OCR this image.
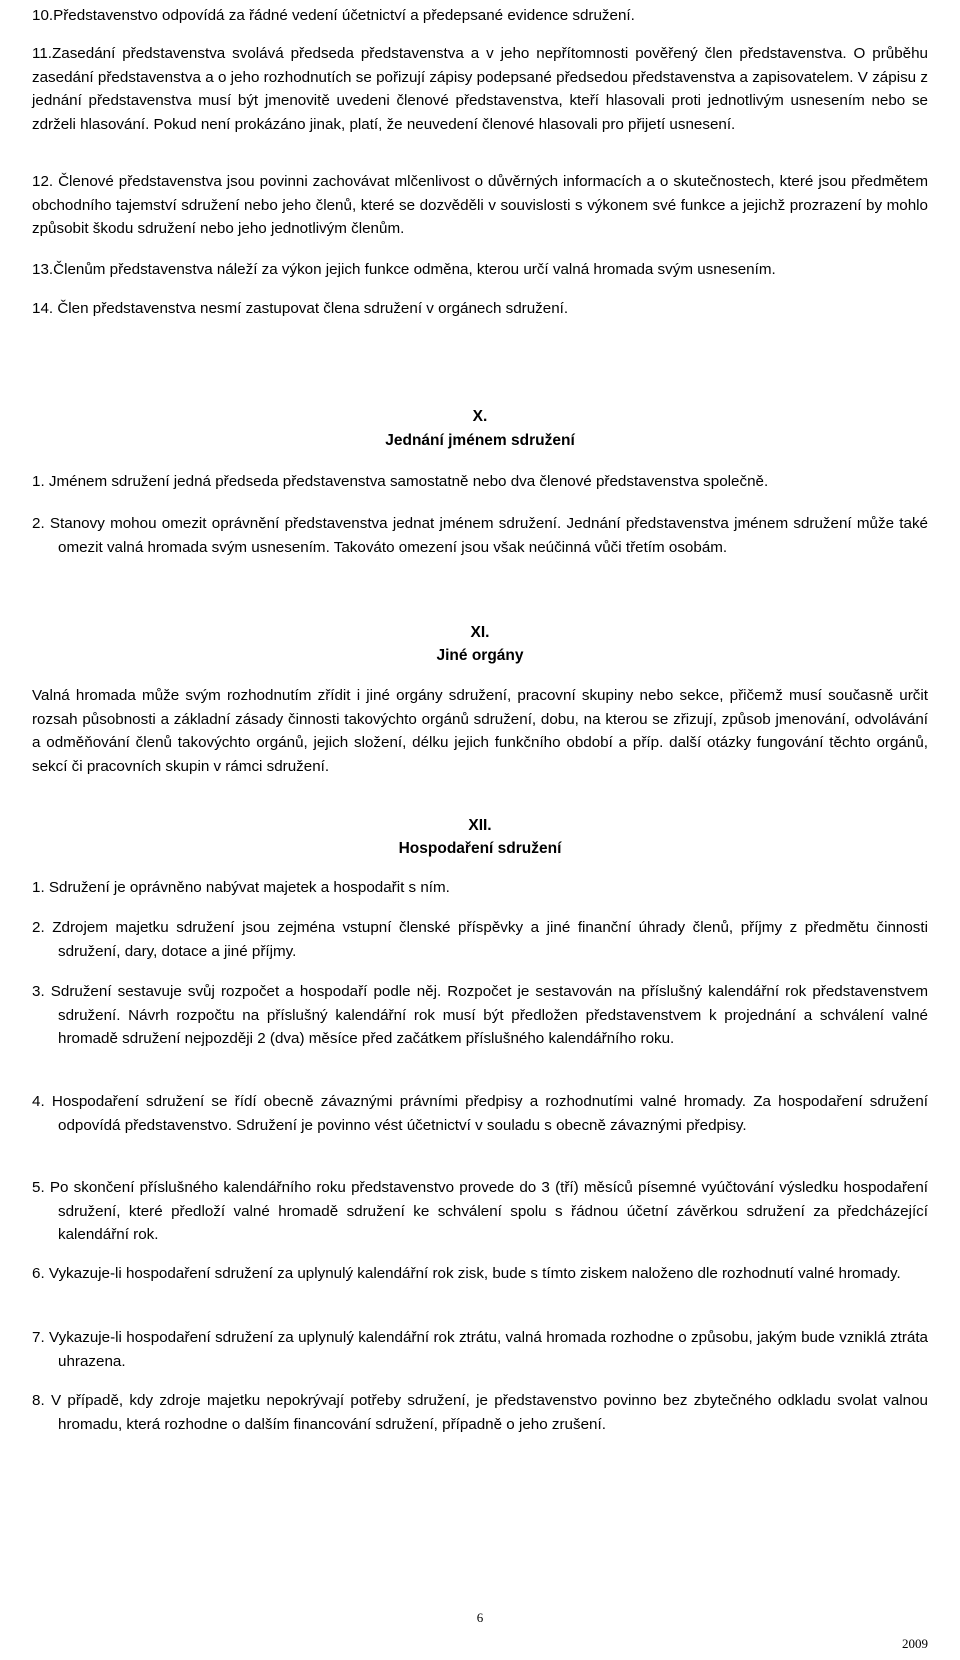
10.Představenstvo odpovídá za řádné vedení účetnictví a předepsané evidence sdružení.
11.Zasedání představenstva svolává předseda představenstva a v jeho nepřítomnosti pověřený člen představenstva. O průběhu zasedání představenstva a o jeho rozhodnutích se pořizují zápisy podepsané předsedou představenstva a zapisovatelem. V zápisu z jednání představenstva musí být jmenovitě uvedeni členové představenstva, kteří hlasovali proti jednotlivým usnesením nebo se zdrželi hlasování. Pokud není prokázáno jinak, platí, že neuvedení členové hlasovali pro přijetí usnesení.
12. Členové představenstva jsou povinni zachovávat mlčenlivost o důvěrných informacích a o skutečnostech, které jsou předmětem obchodního tajemství sdružení nebo jeho členů, které se dozvěděli v souvislosti s výkonem své funkce a jejichž prozrazení by mohlo způsobit škodu sdružení nebo jeho jednotlivým členům.
13.Členům představenstva náleží za výkon jejich funkce odměna, kterou určí valná hromada svým usnesením.
14. Člen představenstva nesmí zastupovat člena sdružení v orgánech sdružení.
X.
Jednání jménem sdružení
1. Jménem sdružení jedná předseda představenstva samostatně nebo dva členové představenstva společně.
2. Stanovy mohou omezit oprávnění představenstva jednat jménem sdružení. Jednání představenstva jménem sdružení může také omezit valná hromada svým usnesením. Takováto omezení jsou však neúčinná vůči třetím osobám.
XI.
Jiné orgány
Valná hromada může svým rozhodnutím zřídit i jiné orgány sdružení, pracovní skupiny nebo sekce, přičemž musí současně určit rozsah působnosti a základní zásady činnosti takovýchto orgánů sdružení, dobu, na kterou se zřizují, způsob jmenování, odvolávání a odměňování členů takovýchto orgánů, jejich složení, délku jejich funkčního období a příp. další otázky fungování těchto orgánů, sekcí či pracovních skupin v rámci sdružení.
XII.
Hospodaření sdružení
1. Sdružení je oprávněno nabývat majetek a hospodařit s ním.
2. Zdrojem majetku sdružení jsou zejména vstupní členské příspěvky a jiné finanční úhrady členů, příjmy z předmětu činnosti sdružení, dary, dotace a jiné příjmy.
3. Sdružení sestavuje svůj rozpočet a hospodaří podle něj. Rozpočet je sestavován na příslušný kalendářní rok představenstvem sdružení. Návrh rozpočtu na příslušný kalendářní rok musí být předložen představenstvem k projednání a schválení valné hromadě sdružení nejpozději 2 (dva) měsíce před začátkem příslušného kalendářního roku.
4. Hospodaření sdružení se řídí obecně závaznými právními předpisy a rozhodnutími valné hromady. Za hospodaření sdružení odpovídá představenstvo. Sdružení je povinno vést účetnictví v souladu s obecně závaznými předpisy.
5. Po skončení příslušného kalendářního roku představenstvo provede do 3 (tří) měsíců písemné vyúčtování výsledku hospodaření sdružení, které předloží valné hromadě sdružení ke schválení spolu s řádnou účetní závěrkou sdružení za předcházející kalendářní rok.
6. Vykazuje-li hospodaření sdružení za uplynulý kalendářní rok zisk, bude s tímto ziskem naloženo dle rozhodnutí valné hromady.
7. Vykazuje-li hospodaření sdružení za uplynulý kalendářní rok ztrátu, valná hromada rozhodne o způsobu, jakým bude vzniklá ztráta uhrazena.
8. V případě, kdy zdroje majetku nepokrývají potřeby sdružení, je představenstvo povinno bez zbytečného odkladu svolat valnou hromadu, která rozhodne o dalším financování sdružení, případně o jeho zrušení.
6
2009
